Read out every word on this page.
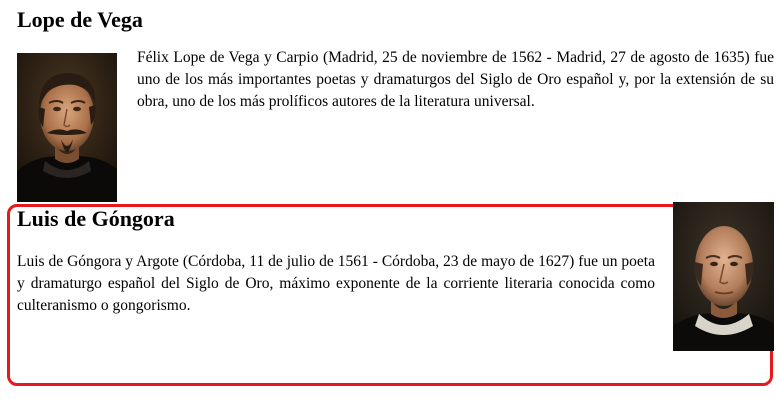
Lope de Vega

Félix Lope de Vega y Carpio (Madrid, 25 de noviembre de 1562 - Madrid, 27 de agosto de 1635) fue uno de los más importantes poetas y dramaturgos del Siglo de Oro español y, por la extensión de su obra, uno de los más prolíficos autores de la literatura universal.

Luis de Góngora

Luis de Góngora y Argote (Córdoba, 11 de julio de 1561 - Córdoba, 23 de mayo de 1627) fue un poeta y dramaturgo español del Siglo de Oro, máximo exponente de la corriente literaria conocida como culteranismo o gongorismo.
